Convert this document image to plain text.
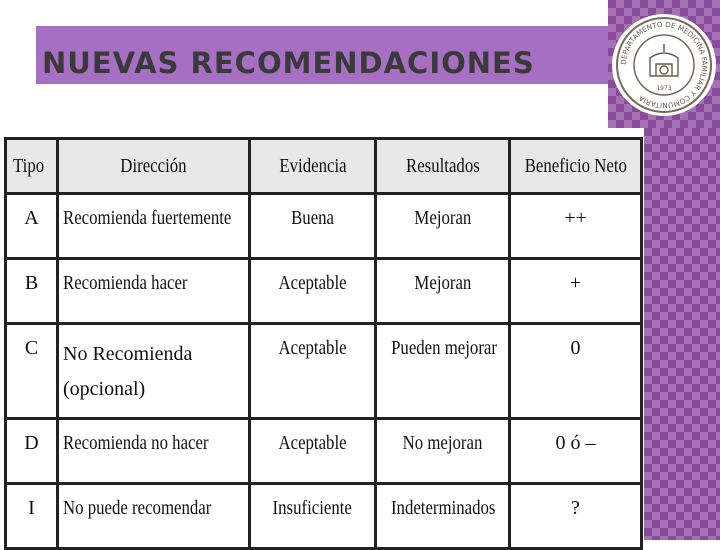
NUEVAS RECOMENDACIONES	DEPARTAMENTO DE MEDICINA FAMILIAR Y COMUNITARIA
1973
Tipo	Dirección	Evidencia	Resultados	Beneficio Neto
A	Recomienda fuertemente	Buena	Mejoran	++
B	Recomienda hacer	Aceptable	Mejoran	+
C	No Recomienda (opcional)	Aceptable	Pueden mejorar	0
D	Recomienda no hacer	Aceptable	No mejoran	0 ó –
I	No puede recomendar	Insuficiente	Indeterminados	?
